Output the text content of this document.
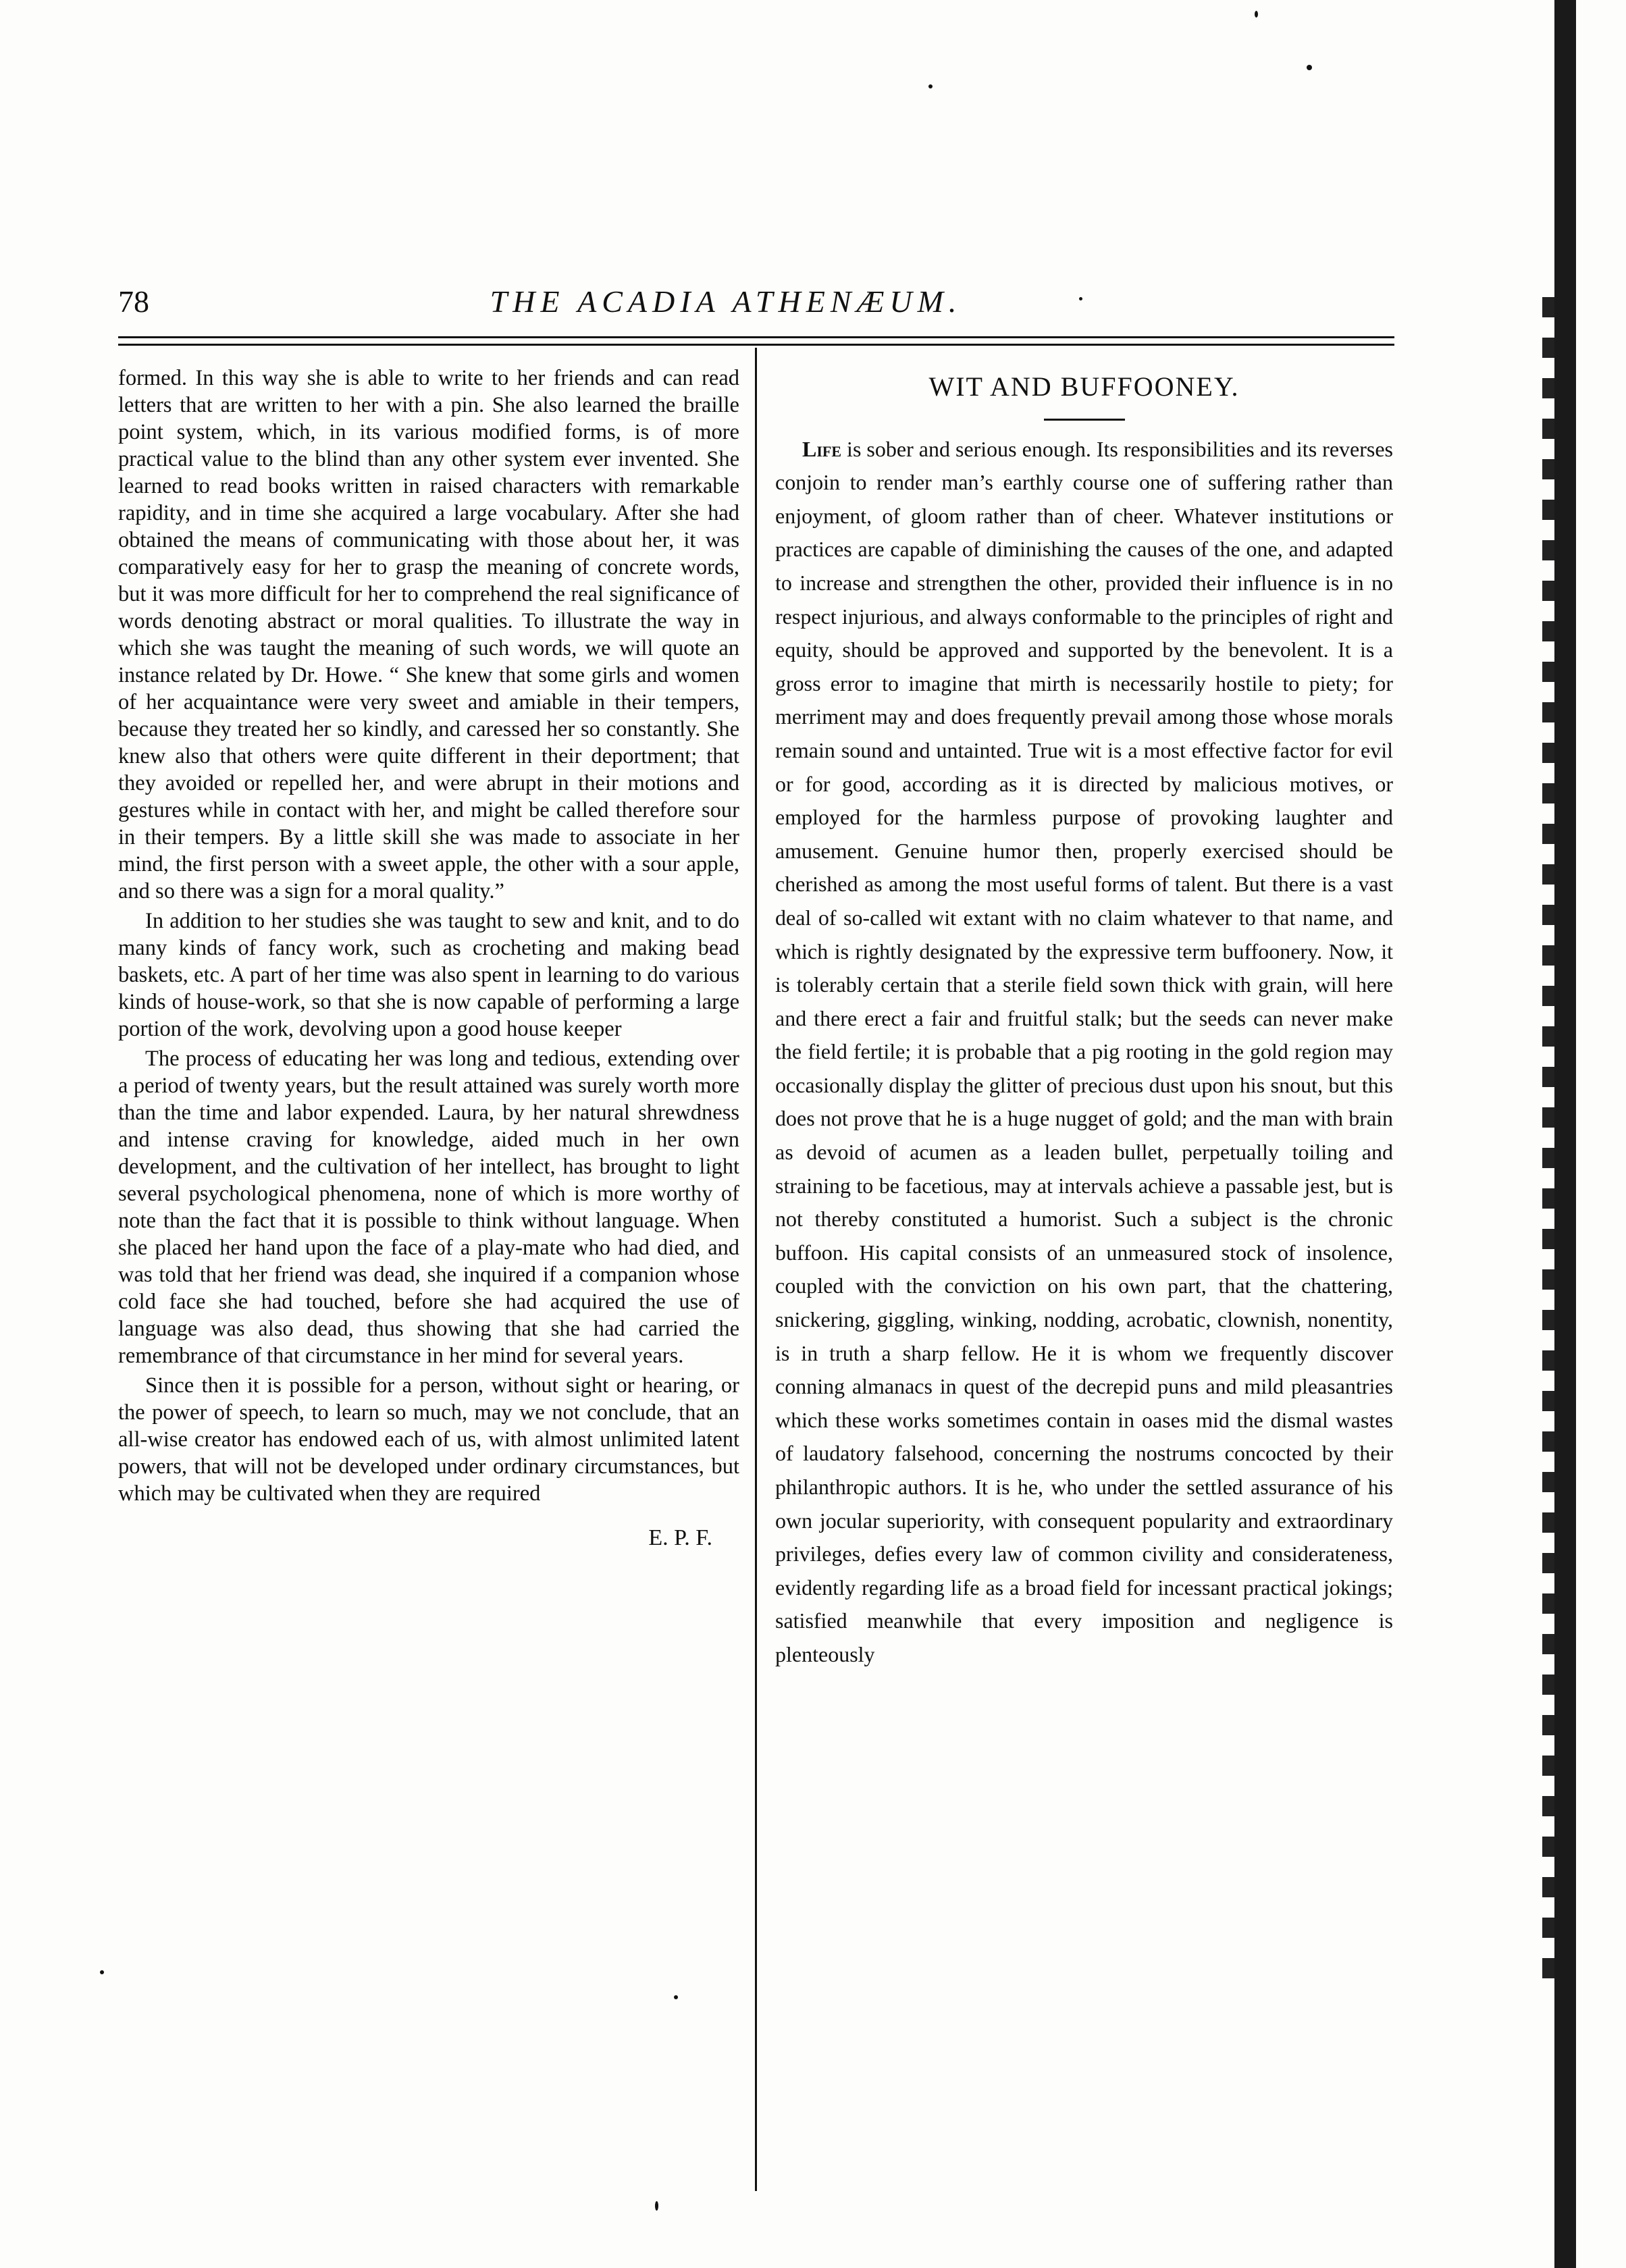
78	THE ACADIA ATHENÆUM.

formed. In this way she is able to write to her friends and can read letters that are written to her with a pin. She also learned the braille point system, which, in its various modified forms, is of more practical value to the blind than any other system ever invented. She learned to read books written in raised characters with remarkable rapidity, and in time she acquired a large vocabulary. After she had obtained the means of communicating with those about her, it was comparatively easy for her to grasp the meaning of concrete words, but it was more difficult for her to comprehend the real significance of words denoting abstract or moral qualities. To illustrate the way in which she was taught the meaning of such words, we will quote an instance related by Dr. Howe. “ She knew that some girls and women of her acquaintance were very sweet and amiable in their tempers, because they treated her so kindly, and caressed her so constantly. She knew also that others were quite different in their deportment; that they avoided or repelled her, and were abrupt in their motions and gestures while in contact with her, and might be called therefore sour in their tempers. By a little skill she was made to associate in her mind, the first person with a sweet apple, the other with a sour apple, and so there was a sign for a moral quality.”

In addition to her studies she was taught to sew and knit, and to do many kinds of fancy work, such as crocheting and making bead baskets, etc. A part of her time was also spent in learning to do various kinds of house-work, so that she is now capable of performing a large portion of the work, devolving upon a good house keeper

The process of educating her was long and tedious, extending over a period of twenty years, but the result attained was surely worth more than the time and labor expended. Laura, by her natural shrewdness and intense craving for knowledge, aided much in her own development, and the cultivation of her intellect, has brought to light several psychological phenomena, none of which is more worthy of note than the fact that it is possible to think without language. When she placed her hand upon the face of a play-mate who had died, and was told that her friend was dead, she inquired if a companion whose cold face she had touched, before she had acquired the use of language was also dead, thus showing that she had carried the remembrance of that circumstance in her mind for several years.

Since then it is possible for a person, without sight or hearing, or the power of speech, to learn so much, may we not conclude, that an all-wise creator has endowed each of us, with almost unlimited latent powers, that will not be developed under ordinary circumstances, but which may be cultivated when they are required

E. P. F.
WIT AND BUFFOONEY.

Life is sober and serious enough. Its responsibilities and its reverses conjoin to render man’s earthly course one of suffering rather than enjoyment, of gloom rather than of cheer. Whatever institutions or practices are capable of diminishing the causes of the one, and adapted to increase and strengthen the other, provided their influence is in no respect injurious, and always conformable to the principles of right and equity, should be approved and supported by the benevolent. It is a gross error to imagine that mirth is necessarily hostile to piety; for merriment may and does frequently prevail among those whose morals remain sound and untainted. True wit is a most effective factor for evil or for good, according as it is directed by malicious motives, or employed for the harmless purpose of provoking laughter and amusement. Genuine humor then, properly exercised should be cherished as among the most useful forms of talent. But there is a vast deal of so-called wit extant with no claim whatever to that name, and which is rightly designated by the expressive term buffoonery. Now, it is tolerably certain that a sterile field sown thick with grain, will here and there erect a fair and fruitful stalk; but the seeds can never make the field fertile; it is probable that a pig rooting in the gold region may occasionally display the glitter of precious dust upon his snout, but this does not prove that he is a huge nugget of gold; and the man with brain as devoid of acumen as a leaden bullet, perpetually toiling and straining to be facetious, may at intervals achieve a passable jest, but is not thereby constituted a humorist. Such a subject is the chronic buffoon. His capital consists of an unmeasured stock of insolence, coupled with the conviction on his own part, that the chattering, snickering, giggling, winking, nodding, acrobatic, clownish, nonentity, is in truth a sharp fellow. He it is whom we frequently discover conning almanacs in quest of the decrepid puns and mild pleasantries which these works sometimes contain in oases mid the dismal wastes of laudatory falsehood, concerning the nostrums concocted by their philanthropic authors. It is he, who under the settled assurance of his own jocular superiority, with consequent popularity and extraordinary privileges, defies every law of common civility and considerateness, evidently regarding life as a broad field for incessant practical jokings; satisfied meanwhile that every imposition and negligence is plenteously
